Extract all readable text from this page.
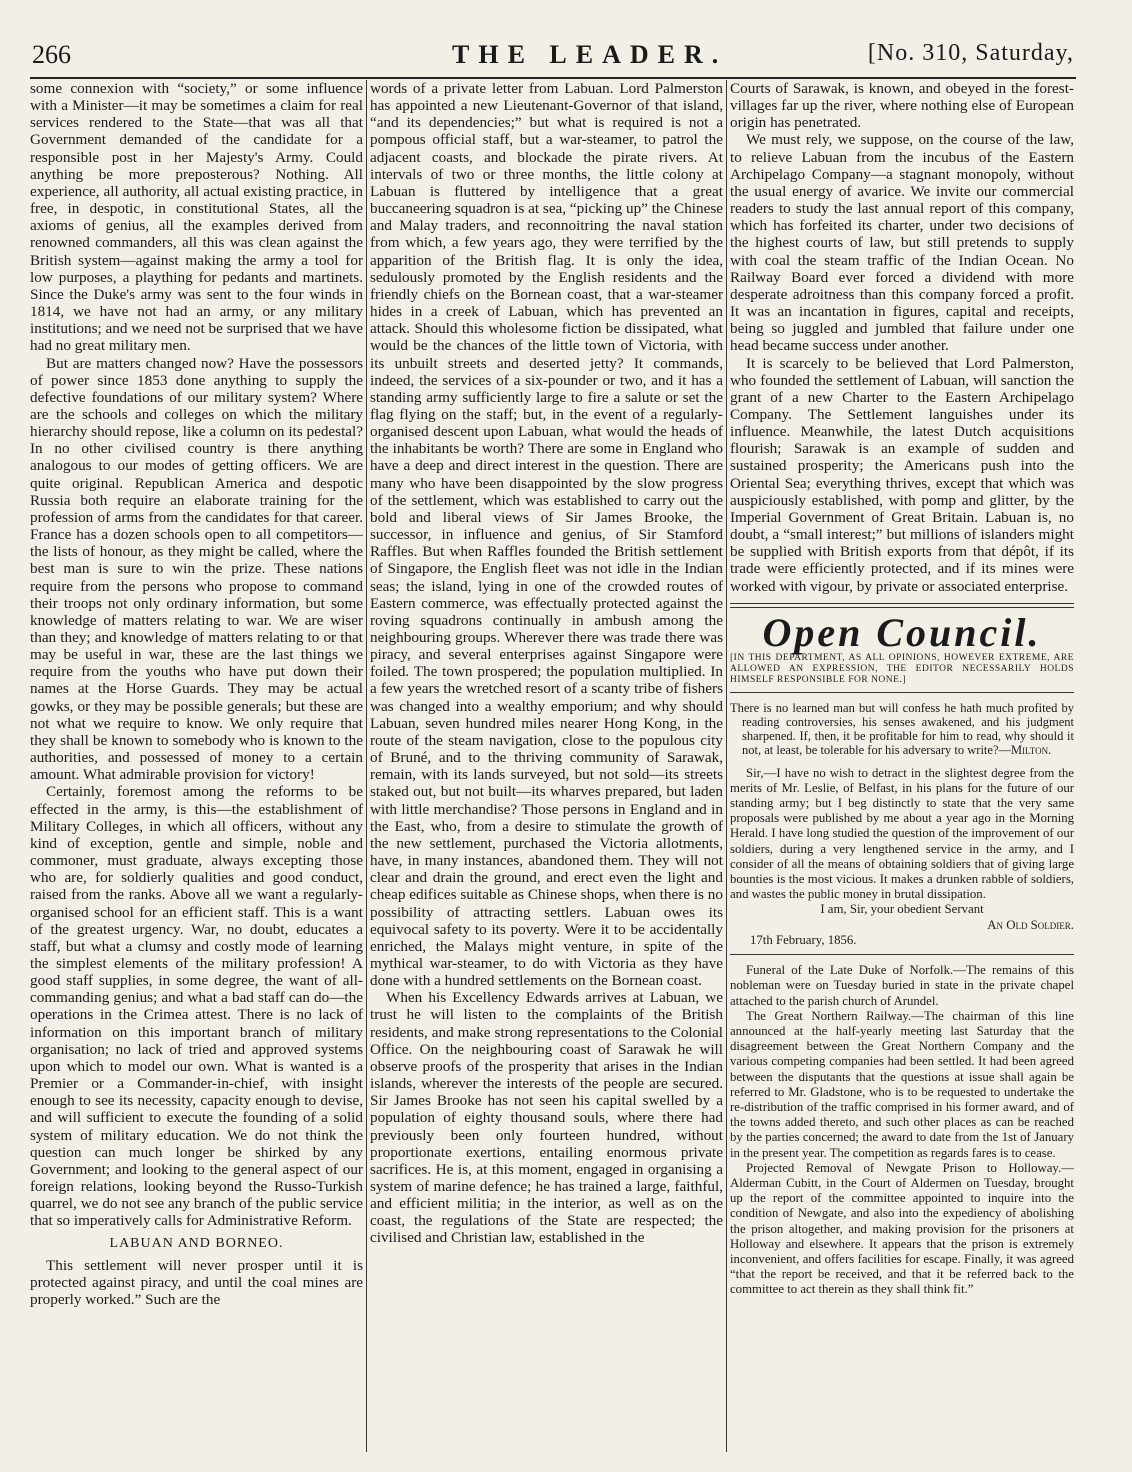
266	THE LEADER.	[No. 310, Saturday,

some connexion with “society,” or some influence with a Minister—it may be sometimes a claim for real services rendered to the State—that was all that Government demanded of the candidate for a responsible post in her Majesty's Army. Could anything be more preposterous? Nothing. All experience, all authority, all actual existing practice, in free, in despotic, in constitutional States, all the axioms of genius, all the examples derived from renowned commanders, all this was clean against the British system—against making the army a tool for low purposes, a plaything for pedants and martinets. Since the Duke's army was sent to the four winds in 1814, we have not had an army, or any military institutions; and we need not be surprised that we have had no great military men.

But are matters changed now? Have the possessors of power since 1853 done anything to supply the defective foundations of our military system? Where are the schools and colleges on which the military hierarchy should repose, like a column on its pedestal? In no other civilised country is there anything analogous to our modes of getting officers. We are quite original. Republican America and despotic Russia both require an elaborate training for the profession of arms from the candidates for that career. France has a dozen schools open to all competitors—the lists of honour, as they might be called, where the best man is sure to win the prize. These nations require from the persons who propose to command their troops not only ordinary information, but some knowledge of matters relating to war. We are wiser than they; and knowledge of matters relating to or that may be useful in war, these are the last things we require from the youths who have put down their names at the Horse Guards. They may be actual gowks, or they may be possible generals; but these are not what we require to know. We only require that they shall be known to somebody who is known to the authorities, and possessed of money to a certain amount. What admirable provision for victory!

Certainly, foremost among the reforms to be effected in the army, is this—the establishment of Military Colleges, in which all officers, without any kind of exception, gentle and simple, noble and commoner, must graduate, always excepting those who are, for soldierly qualities and good conduct, raised from the ranks. Above all we want a regularly-organised school for an efficient staff. This is a want of the greatest urgency. War, no doubt, educates a staff, but what a clumsy and costly mode of learning the simplest elements of the military profession! A good staff supplies, in some degree, the want of all-commanding genius; and what a bad staff can do—the operations in the Crimea attest. There is no lack of information on this important branch of military organisation; no lack of tried and approved systems upon which to model our own. What is wanted is a Premier or a Commander-in-chief, with insight enough to see its necessity, capacity enough to devise, and will sufficient to execute the founding of a solid system of military education. We do not think the question can much longer be shirked by any Government; and looking to the general aspect of our foreign relations, looking beyond the Russo-Turkish quarrel, we do not see any branch of the public service that so imperatively calls for Administrative Reform.

LABUAN AND BORNEO.

This settlement will never prosper until it is protected against piracy, and until the coal mines are properly worked.” Such are the

words of a private letter from Labuan. Lord Palmerston has appointed a new Lieutenant-Governor of that island, “and its dependencies;” but what is required is not a pompous official staff, but a war-steamer, to patrol the adjacent coasts, and blockade the pirate rivers. At intervals of two or three months, the little colony at Labuan is fluttered by intelligence that a great buccaneering squadron is at sea, “picking up” the Chinese and Malay traders, and reconnoitring the naval station from which, a few years ago, they were terrified by the apparition of the British flag. It is only the idea, sedulously promoted by the English residents and the friendly chiefs on the Bornean coast, that a war-steamer hides in a creek of Labuan, which has prevented an attack. Should this wholesome fiction be dissipated, what would be the chances of the little town of Victoria, with its unbuilt streets and deserted jetty? It commands, indeed, the services of a six-pounder or two, and it has a standing army sufficiently large to fire a salute or set the flag flying on the staff; but, in the event of a regularly-organised descent upon Labuan, what would the heads of the inhabitants be worth? There are some in England who have a deep and direct interest in the question. There are many who have been disappointed by the slow progress of the settlement, which was established to carry out the bold and liberal views of Sir James Brooke, the successor, in influence and genius, of Sir Stamford Raffles. But when Raffles founded the British settlement of Singapore, the English fleet was not idle in the Indian seas; the island, lying in one of the crowded routes of Eastern commerce, was effectually protected against the roving squadrons continually in ambush among the neighbouring groups. Wherever there was trade there was piracy, and several enterprises against Singapore were foiled. The town prospered; the population multiplied. In a few years the wretched resort of a scanty tribe of fishers was changed into a wealthy emporium; and why should Labuan, seven hundred miles nearer Hong Kong, in the route of the steam navigation, close to the populous city of Bruné, and to the thriving community of Sarawak, remain, with its lands surveyed, but not sold—its streets staked out, but not built—its wharves prepared, but laden with little merchandise? Those persons in England and in the East, who, from a desire to stimulate the growth of the new settlement, purchased the Victoria allotments, have, in many instances, abandoned them. They will not clear and drain the ground, and erect even the light and cheap edifices suitable as Chinese shops, when there is no possibility of attracting settlers. Labuan owes its equivocal safety to its poverty. Were it to be accidentally enriched, the Malays might venture, in spite of the mythical war-steamer, to do with Victoria as they have done with a hundred settlements on the Bornean coast.

When his Excellency Edwards arrives at Labuan, we trust he will listen to the complaints of the British residents, and make strong representations to the Colonial Office. On the neighbouring coast of Sarawak he will observe proofs of the prosperity that arises in the Indian islands, wherever the interests of the people are secured. Sir James Brooke has not seen his capital swelled by a population of eighty thousand souls, where there had previously been only fourteen hundred, without proportionate exertions, entailing enormous private sacrifices. He is, at this moment, engaged in organising a system of marine defence; he has trained a large, faithful, and efficient militia; in the interior, as well as on the coast, the regulations of the State are respected; the civilised and Christian law, established in the

Courts of Sarawak, is known, and obeyed in the forest-villages far up the river, where nothing else of European origin has penetrated.

We must rely, we suppose, on the course of the law, to relieve Labuan from the incubus of the Eastern Archipelago Company—a stagnant monopoly, without the usual energy of avarice. We invite our commercial readers to study the last annual report of this company, which has forfeited its charter, under two decisions of the highest courts of law, but still pretends to supply with coal the steam traffic of the Indian Ocean. No Railway Board ever forced a dividend with more desperate adroitness than this company forced a profit. It was an incantation in figures, capital and receipts, being so juggled and jumbled that failure under one head became success under another.

It is scarcely to be believed that Lord Palmerston, who founded the settlement of Labuan, will sanction the grant of a new Charter to the Eastern Archipelago Company. The Settlement languishes under its influence. Meanwhile, the latest Dutch acquisitions flourish; Sarawak is an example of sudden and sustained prosperity; the Americans push into the Oriental Sea; everything thrives, except that which was auspiciously established, with pomp and glitter, by the Imperial Government of Great Britain. Labuan is, no doubt, a “small interest;” but millions of islanders might be supplied with British exports from that dépôt, if its trade were efficiently protected, and if its mines were worked with vigour, by private or associated enterprise.

Open Council.
[IN THIS DEPARTMENT, AS ALL OPINIONS, HOWEVER EXTREME, ARE ALLOWED AN EXPRESSION, THE EDITOR NECESSARILY HOLDS HIMSELF RESPONSIBLE FOR NONE.]
There is no learned man but will confess he hath much profited by reading controversies, his senses awakened, and his judgment sharpened. If, then, it be profitable for him to read, why should it not, at least, be tolerable for his adversary to write?—Milton.

Sir,—I have no wish to detract in the slightest degree from the merits of Mr. Leslie, of Belfast, in his plans for the future of our standing army; but I beg distinctly to state that the very same proposals were published by me about a year ago in the Morning Herald. I have long studied the question of the improvement of our soldiers, during a very lengthened service in the army, and I consider of all the means of obtaining soldiers that of giving large bounties is the most vicious. It makes a drunken rabble of soldiers, and wastes the public money in brutal dissipation.

I am, Sir, your obedient Servant

An Old Soldier.

17th February, 1856.

Funeral of the Late Duke of Norfolk.—The remains of this nobleman were on Tuesday buried in state in the private chapel attached to the parish church of Arundel.

The Great Northern Railway.—The chairman of this line announced at the half-yearly meeting last Saturday that the disagreement between the Great Northern Company and the various competing companies had been settled. It had been agreed between the disputants that the questions at issue shall again be referred to Mr. Gladstone, who is to be requested to undertake the re-distribution of the traffic comprised in his former award, and of the towns added thereto, and such other places as can be reached by the parties concerned; the award to date from the 1st of January in the present year. The competition as regards fares is to cease.

Projected Removal of Newgate Prison to Holloway.—Alderman Cubitt, in the Court of Aldermen on Tuesday, brought up the report of the committee appointed to inquire into the condition of Newgate, and also into the expediency of abolishing the prison altogether, and making provision for the prisoners at Holloway and elsewhere. It appears that the prison is extremely inconvenient, and offers facilities for escape. Finally, it was agreed “that the report be received, and that it be referred back to the committee to act therein as they shall think fit.”
